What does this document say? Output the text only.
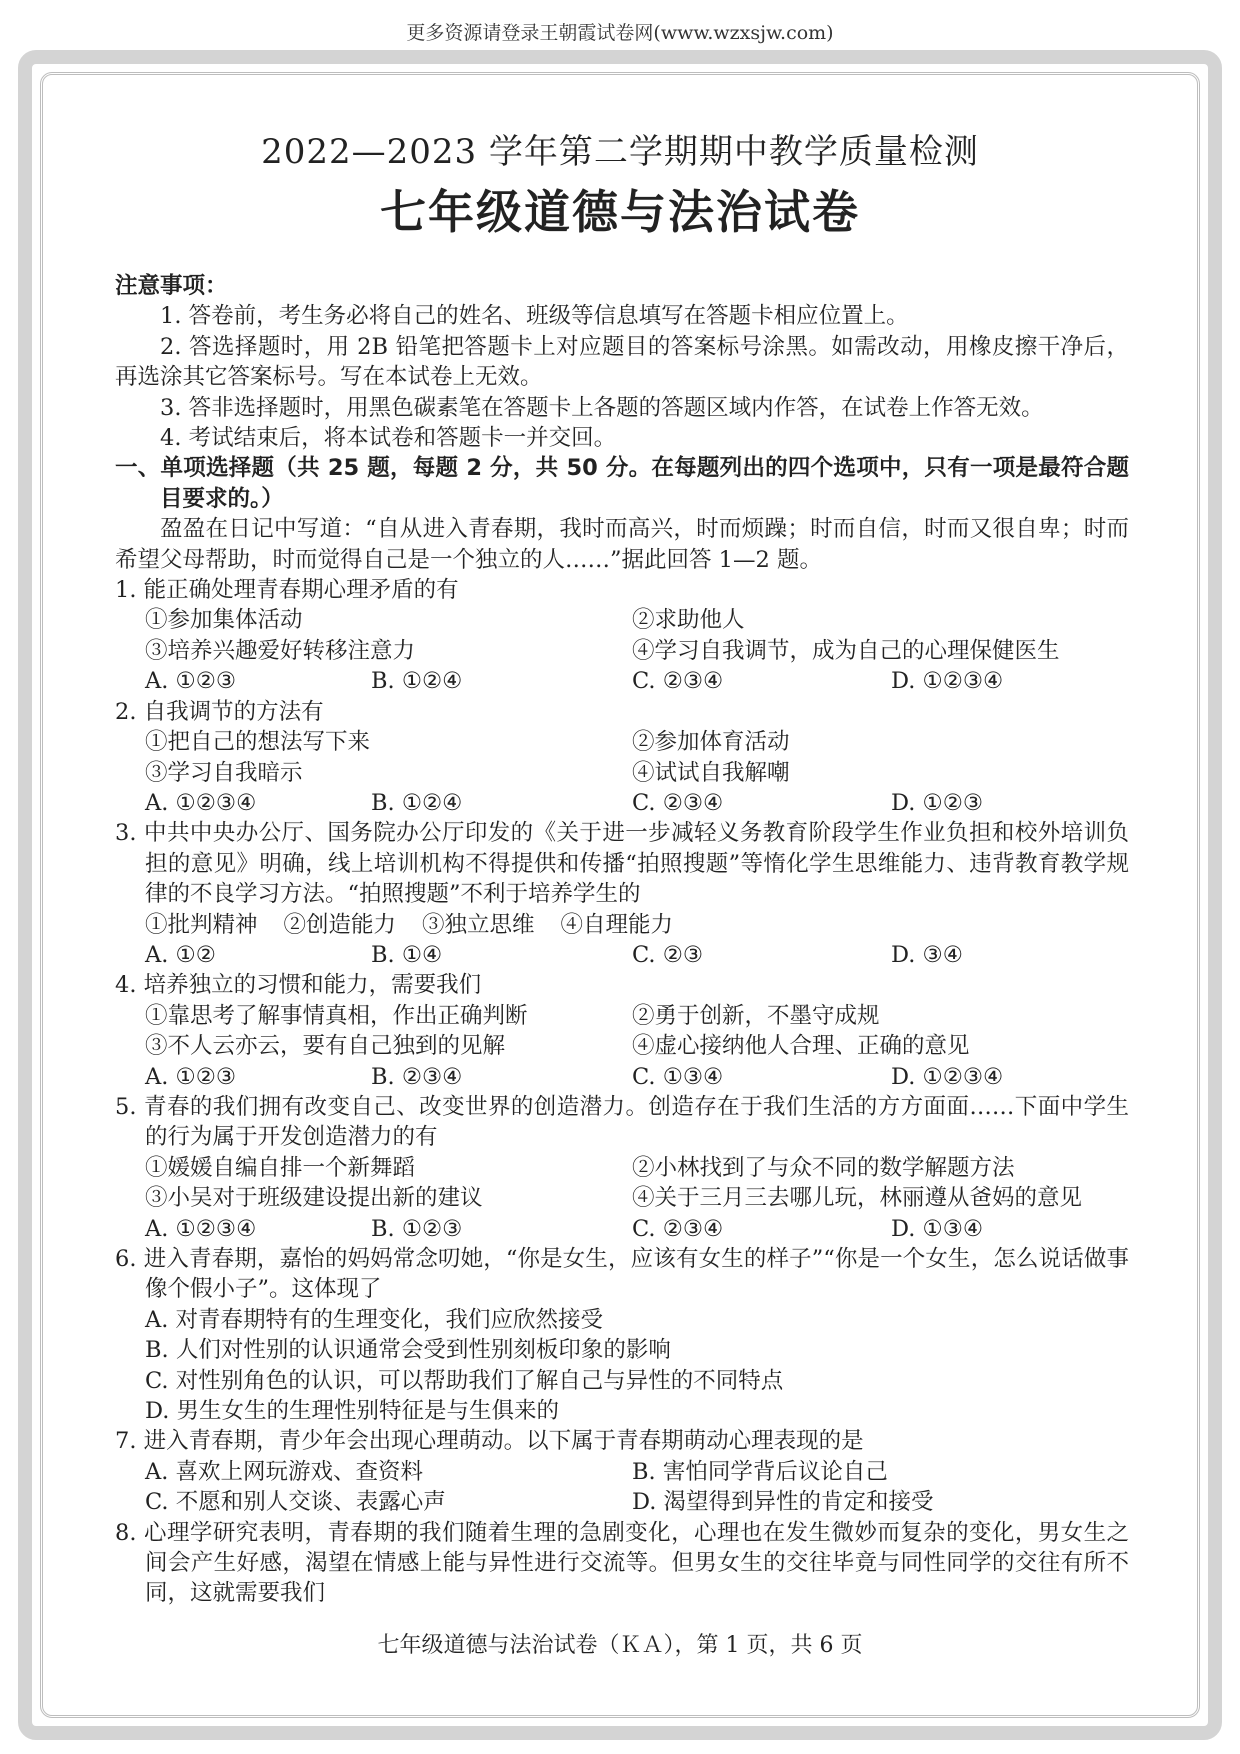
更多资源请登录王朝霞试卷网(www.wzxsjw.com)
2022—2023 学年第二学期期中教学质量检测
七年级道德与法治试卷
注意事项：
1. 答卷前，考生务必将自己的姓名、班级等信息填写在答题卡相应位置上。
2. 答选择题时，用 2B 铅笔把答题卡上对应题目的答案标号涂黑。如需改动，用橡皮擦干净后，再选涂其它答案标号。写在本试卷上无效。
3. 答非选择题时，用黑色碳素笔在答题卡上各题的答题区域内作答，在试卷上作答无效。
4. 考试结束后，将本试卷和答题卡一并交回。
一、单项选择题（共 25 题，每题 2 分，共 50 分。在每题列出的四个选项中，只有一项是最符合题目要求的。）
盈盈在日记中写道：“自从进入青春期，我时而高兴，时而烦躁；时而自信，时而又很自卑；时而希望父母帮助，时而觉得自己是一个独立的人……”据此回答 1—2 题。
1. 能正确处理青春期心理矛盾的有
①参加集体活动	②求助他人
③培养兴趣爱好转移注意力	④学习自我调节，成为自己的心理保健医生
A. ①②③	B. ①②④	C. ②③④	D. ①②③④
2. 自我调节的方法有
①把自己的想法写下来	②参加体育活动
③学习自我暗示	④试试自我解嘲
A. ①②③④	B. ①②④	C. ②③④	D. ①②③
3. 中共中央办公厅、国务院办公厅印发的《关于进一步减轻义务教育阶段学生作业负担和校外培训负担的意见》明确，线上培训机构不得提供和传播“拍照搜题”等惰化学生思维能力、违背教育教学规律的不良学习方法。“拍照搜题”不利于培养学生的
①批判精神 ②创造能力 ③独立思维 ④自理能力
A. ①②	B. ①④	C. ②③	D. ③④
4. 培养独立的习惯和能力，需要我们
①靠思考了解事情真相，作出正确判断	②勇于创新，不墨守成规
③不人云亦云，要有自己独到的见解	④虚心接纳他人合理、正确的意见
A. ①②③	B. ②③④	C. ①③④	D. ①②③④
5. 青春的我们拥有改变自己、改变世界的创造潜力。创造存在于我们生活的方方面面……下面中学生的行为属于开发创造潜力的有
①媛媛自编自排一个新舞蹈	②小林找到了与众不同的数学解题方法
③小吴对于班级建设提出新的建议	④关于三月三去哪儿玩，林丽遵从爸妈的意见
A. ①②③④	B. ①②③	C. ②③④	D. ①③④
6. 进入青春期，嘉怡的妈妈常念叨她，“你是女生，应该有女生的样子”“你是一个女生，怎么说话做事像个假小子”。这体现了
A. 对青春期特有的生理变化，我们应欣然接受
B. 人们对性别的认识通常会受到性别刻板印象的影响
C. 对性别角色的认识，可以帮助我们了解自己与异性的不同特点
D. 男生女生的生理性别特征是与生俱来的
7. 进入青春期，青少年会出现心理萌动。以下属于青春期萌动心理表现的是
A. 喜欢上网玩游戏、查资料	B. 害怕同学背后议论自己
C. 不愿和别人交谈、表露心声	D. 渴望得到异性的肯定和接受
8. 心理学研究表明，青春期的我们随着生理的急剧变化，心理也在发生微妙而复杂的变化，男女生之间会产生好感，渴望在情感上能与异性进行交流等。但男女生的交往毕竟与同性同学的交往有所不同，这就需要我们
七年级道德与法治试卷（ＫＡ），第 1 页，共 6 页
